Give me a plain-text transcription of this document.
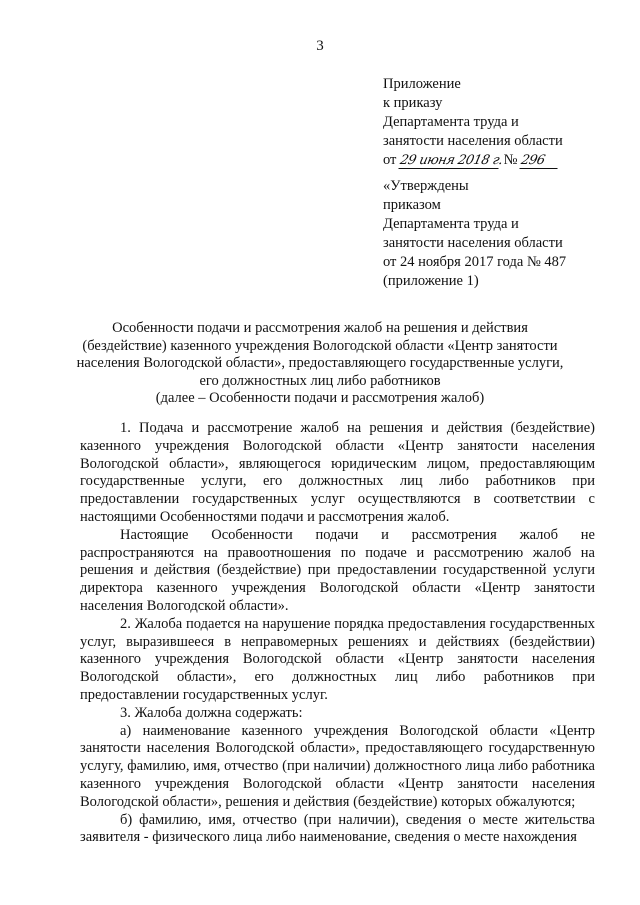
3
Приложение
к приказу
Департамента труда и
занятости населения области
от 29 июня 2018 г. № 296
«Утверждены
приказом
Департамента труда и
занятости населения области
от 24 ноября 2017 года № 487
(приложение 1)
Особенности подачи и рассмотрения жалоб на решения и действия
(бездействие) казенного учреждения Вологодской области «Центр занятости
населения Вологодской области», предоставляющего государственные услуги,
его должностных лиц либо работников
(далее – Особенности подачи и рассмотрения жалоб)

1. Подача и рассмотрение жалоб на решения и действия (бездействие) казенного учреждения Вологодской области «Центр занятости населения Вологодской области», являющегося юридическим лицом, предоставляющим государственные услуги, его должностных лиц либо работников при предоставлении государственных услуг осуществляются в соответствии с настоящими Особенностями подачи и рассмотрения жалоб.

Настоящие Особенности подачи и рассмотрения жалоб не распространяются на правоотношения по подаче и рассмотрению жалоб на решения и действия (бездействие) при предоставлении государственной услуги директора казенного учреждения Вологодской области «Центр занятости населения Вологодской области».

2. Жалоба подается на нарушение порядка предоставления государственных услуг, выразившееся в неправомерных решениях и действиях (бездействии) казенного учреждения Вологодской области «Центр занятости населения Вологодской области», его должностных лиц либо работников при предоставлении государственных услуг.

3. Жалоба должна содержать:

а) наименование казенного учреждения Вологодской области «Центр занятости населения Вологодской области», предоставляющего государственную услугу, фамилию, имя, отчество (при наличии) должностного лица либо работника казенного учреждения Вологодской области «Центр занятости населения Вологодской области», решения и действия (бездействие) которых обжалуются;

б) фамилию, имя, отчество (при наличии), сведения о месте жительства заявителя - физического лица либо наименование, сведения о месте нахождения
